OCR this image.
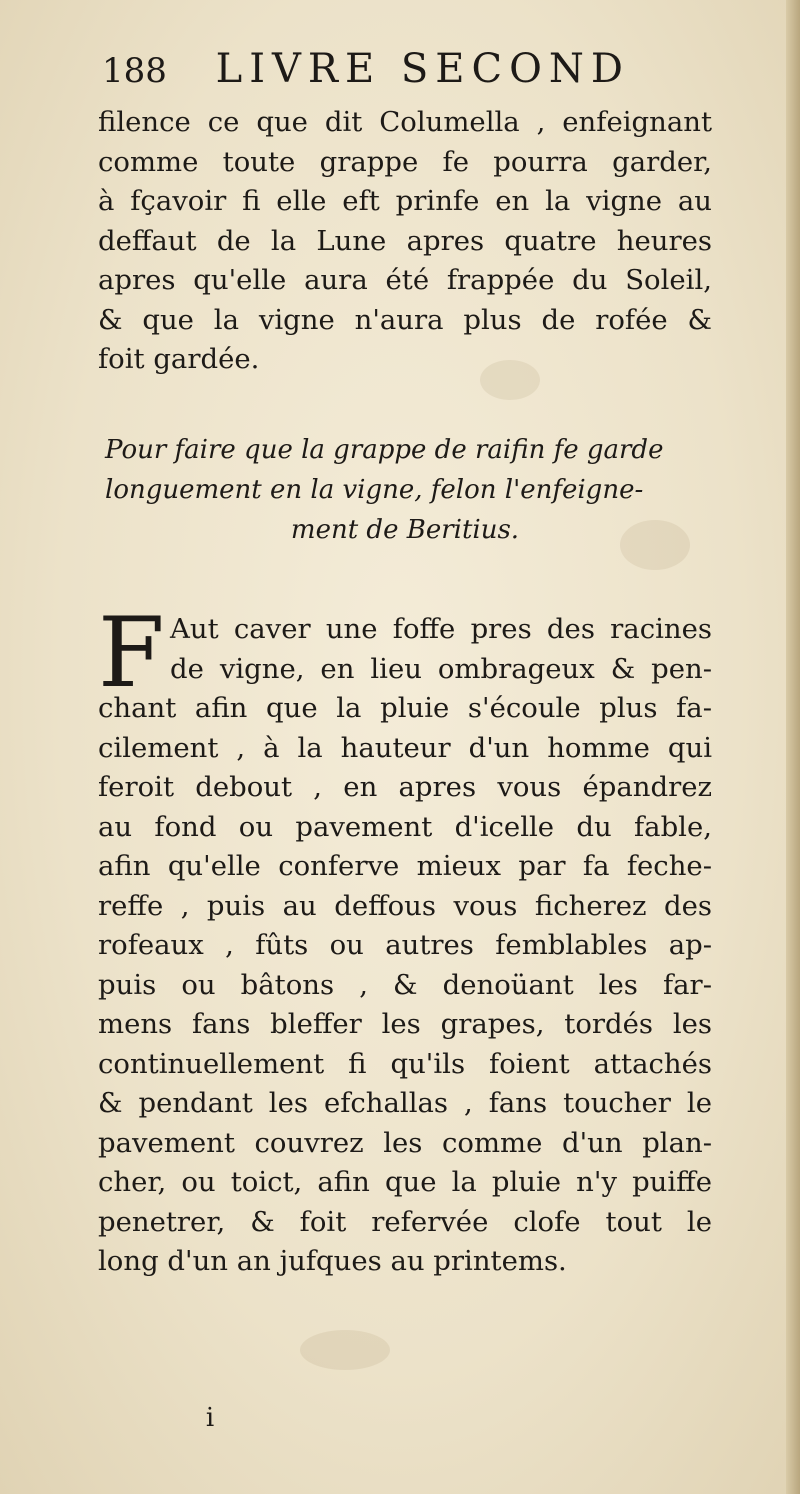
188 LIVRE SECOND
filence ce que dit Columella , enfeignant
comme toute grappe fe pourra garder,
à fçavoir fi elle eft prinfe en la vigne au
deffaut de la Lune apres quatre heures
apres qu'elle aura été frappée du Soleil,
& que la vigne n'aura plus de rofée &
foit gardée.
Pour faire que la grappe de raifin fe garde
longuement en la vigne, felon l'enfeigne-
ment de Beritius.
F Aut caver une foffe pres des racines
de vigne, en lieu ombrageux & pen-
chant afin que la pluie s'écoule plus fa-
cilement , à la hauteur d'un homme qui
feroit debout , en apres vous épandrez
au fond ou pavement d'icelle du fable,
afin qu'elle conferve mieux par fa feche-
reffe , puis au deffous vous ficherez des
rofeaux , fûts ou autres femblables ap-
puis ou bâtons , & denoüant les far-
mens fans bleffer les grapes, tordés les
continuellement fi qu'ils foient attachés
& pendant les efchallas , fans toucher le
pavement couvrez les comme d'un plan-
cher, ou toict, afin que la pluie n'y puiffe
penetrer, & foit refervée clofe tout le
long d'un an jufques au printems.
i
